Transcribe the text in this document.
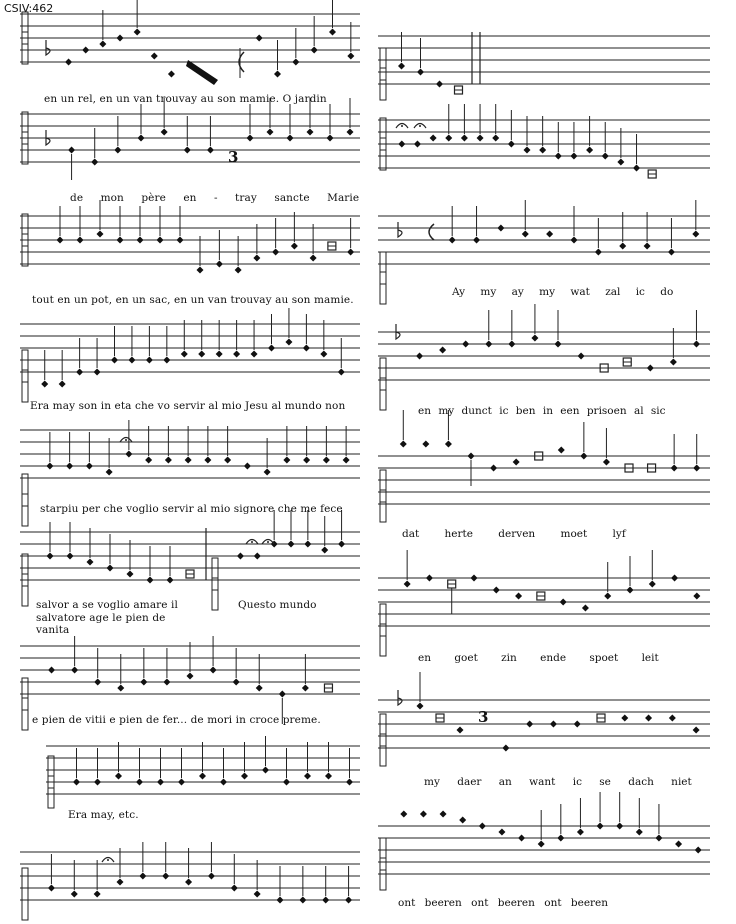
CSIV:462
3
3
en un rel, en un van trouvay au son mamie. O jardin
de mon père en - tray sancte Marie
tout en un pot, en un sac, en un van trouvay au son mamie.
Era may son in eta che vo servir al mio Jesu al mundo non
starpiu per che voglio servir al mio signore che me fece
salvor a se voglio amare il	Questo mundo
salvatore age le pien de
vanita
e pien de vitii e pien de fer... de mori in croce preme.
Era may, etc.
Ay my ay my wat zal ic do
en my dunct ic ben in een prisoen al sic
dat herte derven moet lyf
en goet zin ende spoet leit
my daer an want ic se dach niet
ont beeren ont beeren ont beeren
